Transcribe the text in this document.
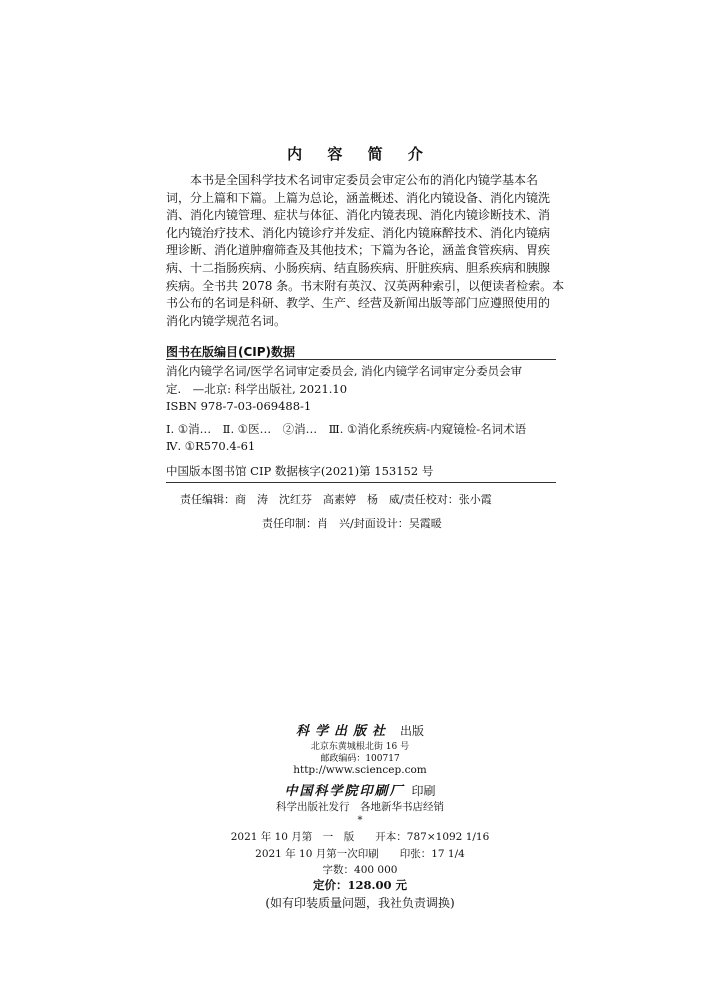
内 容 简 介
　　本书是全国科学技术名词审定委员会审定公布的消化内镜学基本名
词，分上篇和下篇。上篇为总论，涵盖概述、消化内镜设备、消化内镜洗
消、消化内镜管理、症状与体征、消化内镜表现、消化内镜诊断技术、消
化内镜治疗技术、消化内镜诊疗并发症、消化内镜麻醉技术、消化内镜病
理诊断、消化道肿瘤筛查及其他技术；下篇为各论，涵盖食管疾病、胃疾
病、十二指肠疾病、小肠疾病、结直肠疾病、肝脏疾病、胆系疾病和胰腺
疾病。全书共 2078 条。书末附有英汉、汉英两种索引，以便读者检索。本
书公布的名词是科研、教学、生产、经营及新闻出版等部门应遵照使用的
消化内镜学规范名词。
图书在版编目(CIP)数据
消化内镜学名词/医学名词审定委员会, 消化内镜学名词审定分委员会审
定.　—北京: 科学出版社, 2021.10
ISBN 978-7-03-069488-1
Ⅰ. ①消…　Ⅱ. ①医…　②消…　Ⅲ. ①消化系统疾病-内窥镜检-名词术语
Ⅳ. ①R570.4-61
中国版本图书馆 CIP 数据核字(2021)第 153152 号
责任编辑：商　涛　沈红芬　高素婷　杨　威/责任校对：张小霞
责任印制：肖　兴/封面设计：吴霞暖
科学出版社 出版
北京东黄城根北街 16 号
邮政编码：100717
http://www.sciencep.com
中国科学院印刷厂 印刷
科学出版社发行　各地新华书店经销
*
2021 年 10 月第　一　版　　开本：787×1092 1/16
2021 年 10 月第一次印刷　　印张：17 1/4
字数：400 000
定价：128.00 元
(如有印装质量问题，我社负责调换)
